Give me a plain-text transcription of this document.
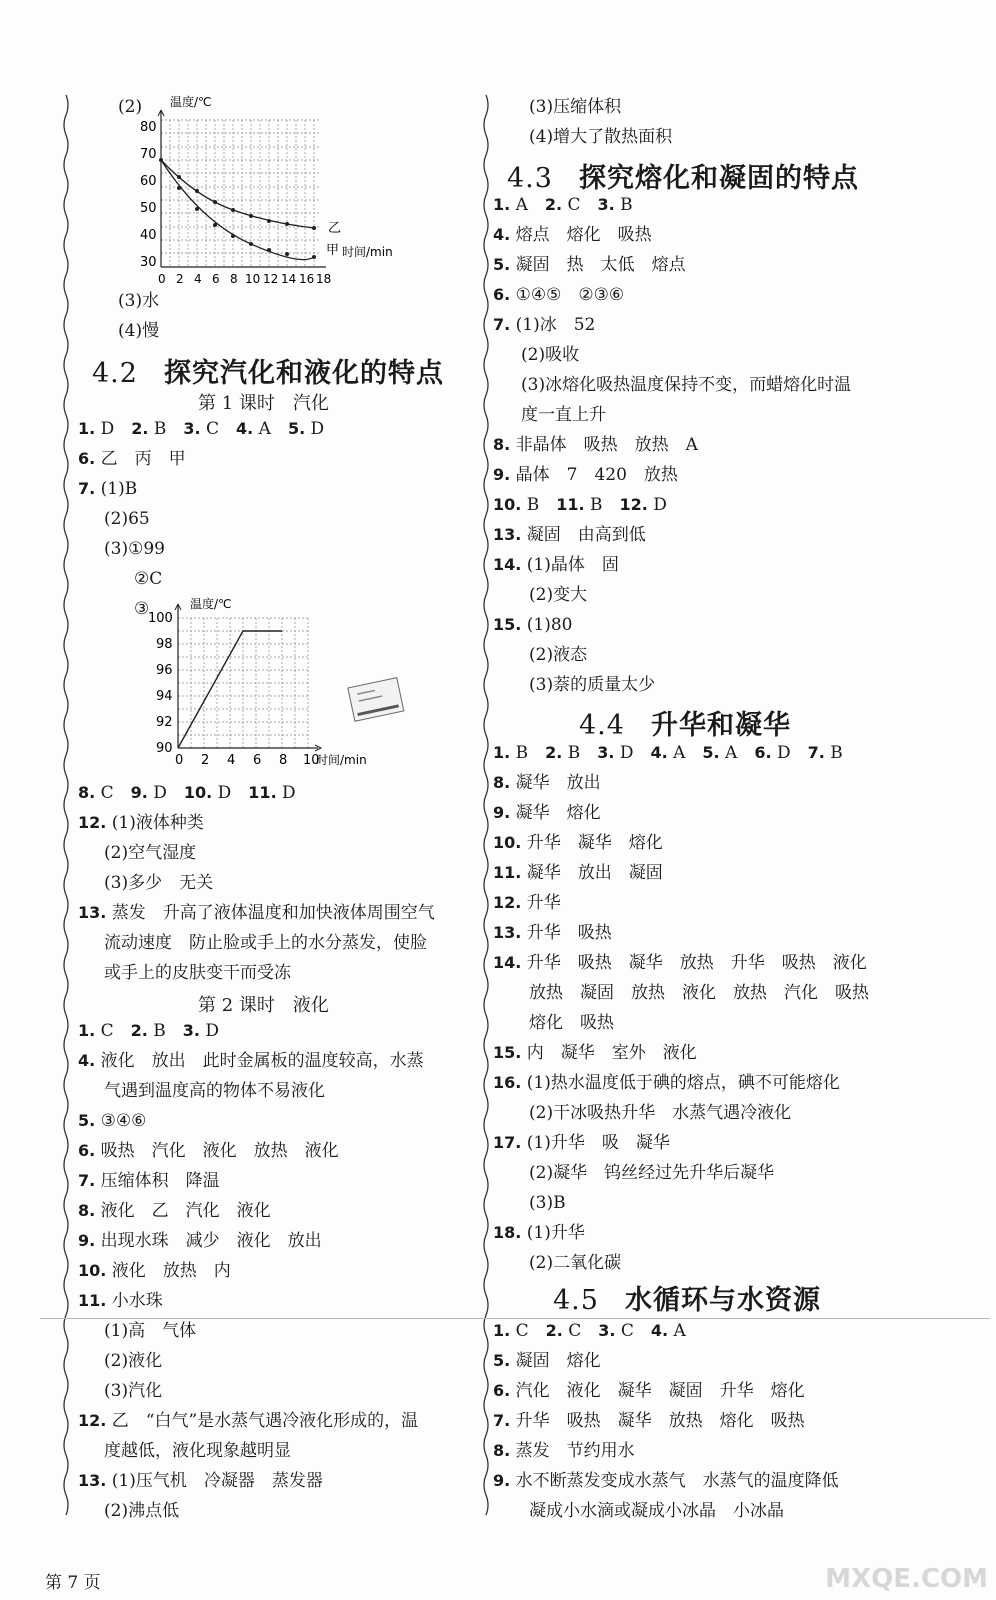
(2) 温度/℃
80
70
60
50
40
30
0 2 4 6 8 10 12 14 16 18
乙
甲 时间/min
(3)水
(4)慢
4.2 探究汽化和液化的特点
第 1 课时　汽化
1. D　2. B　3. C　4. A　5. D
6. 乙　丙　甲
7. (1)B
(2)65
(3)①99
②C
③	温度/℃
100
98
96
94
92
90
0 2 4 6 8 10
时间/min
8. C　9. D　10. D　11. D
12. (1)液体种类
(2)空气湿度
(3)多少　无关
13. 蒸发　升高了液体温度和加快液体周围空气
流动速度　防止脸或手上的水分蒸发，使脸
或手上的皮肤变干而受冻
第 2 课时　液化
1. C　2. B　3. D
4. 液化　放出　此时金属板的温度较高，水蒸
气遇到温度高的物体不易液化
5. ③④⑥
6. 吸热　汽化　液化　放热　液化
7. 压缩体积　降温
8. 液化　乙　汽化　液化
9. 出现水珠　减少　液化　放出
10. 液化　放热　内
11. 小水珠
(1)高　气体
(2)液化
(3)汽化
12. 乙　“白气”是水蒸气遇冷液化形成的，温
度越低，液化现象越明显
13. (1)压气机　冷凝器　蒸发器
(2)沸点低
(3)压缩体积
(4)增大了散热面积
4.3 探究熔化和凝固的特点
1. A　2. C　3. B
4. 熔点　熔化　吸热
5. 凝固　热　太低　熔点
6. ①④⑤　②③⑥
7. (1)冰　52
(2)吸收
(3)冰熔化吸热温度保持不变，而蜡熔化时温
度一直上升
8. 非晶体　吸热　放热　A
9. 晶体　7　420　放热
10. B　11. B　12. D
13. 凝固　由高到低
14. (1)晶体　固
(2)变大
15. (1)80
(2)液态
(3)萘的质量太少
4.4 升华和凝华
1. B　2. B　3. D　4. A　5. A　6. D　7. B
8. 凝华　放出
9. 凝华　熔化
10. 升华　凝华　熔化
11. 凝华　放出　凝固
12. 升华
13. 升华　吸热
14. 升华　吸热　凝华　放热　升华　吸热　液化
放热　凝固　放热　液化　放热　汽化　吸热
熔化　吸热
15. 内　凝华　室外　液化
16. (1)热水温度低于碘的熔点，碘不可能熔化
(2)干冰吸热升华　水蒸气遇冷液化
17. (1)升华　吸　凝华
(2)凝华　钨丝经过先升华后凝华
(3)B
18. (1)升华
(2)二氧化碳
4.5 水循环与水资源
1. C　2. C　3. C　4. A
5. 凝固　熔化
6. 汽化　液化　凝华　凝固　升华　熔化
7. 升华　吸热　凝华　放热　熔化　吸热
8. 蒸发　节约用水
9. 水不断蒸发变成水蒸气　水蒸气的温度降低
凝成小水滴或凝成小冰晶　小冰晶
第 7 页	MXQE.COM
